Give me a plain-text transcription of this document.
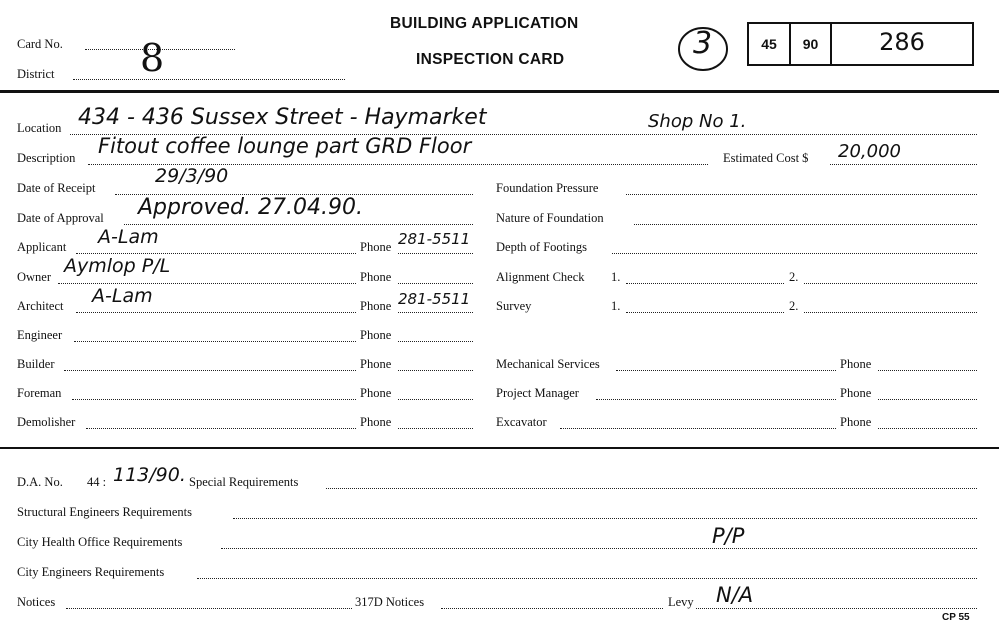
Card No.
District 8
BUILDING APPLICATION
INSPECTION CARD	3	45	90	286
Location 434 - 436 Sussex Street - Haymarket	Shop No 1.
Description Fitout coffee lounge part GRD Floor	Estimated Cost $ 20,000
Date of Receipt
29/3/90
Date of Approval Approved. 27.04.90.
Applicant A-Lam	Phone 281-5511
Owner Aymlop P/L	Phone
Architect A-Lam	Phone 281-5511
Engineer	Phone
Builder	Phone
Foreman	Phone
Demolisher	Phone
Foundation Pressure
Nature of Foundation
Depth of Footings
Alignment Check 1.	2.
Survey	1.	2.
Mechanical Services	Phone
Project Manager	Phone
Excavator	Phone
D.A. No. 44 : 113/90. Special Requirements
Structural Engineers Requirements
City Health Office Requirements	P/P
City Engineers Requirements
Notices	317D Notices	Levy N/A
CP 55
